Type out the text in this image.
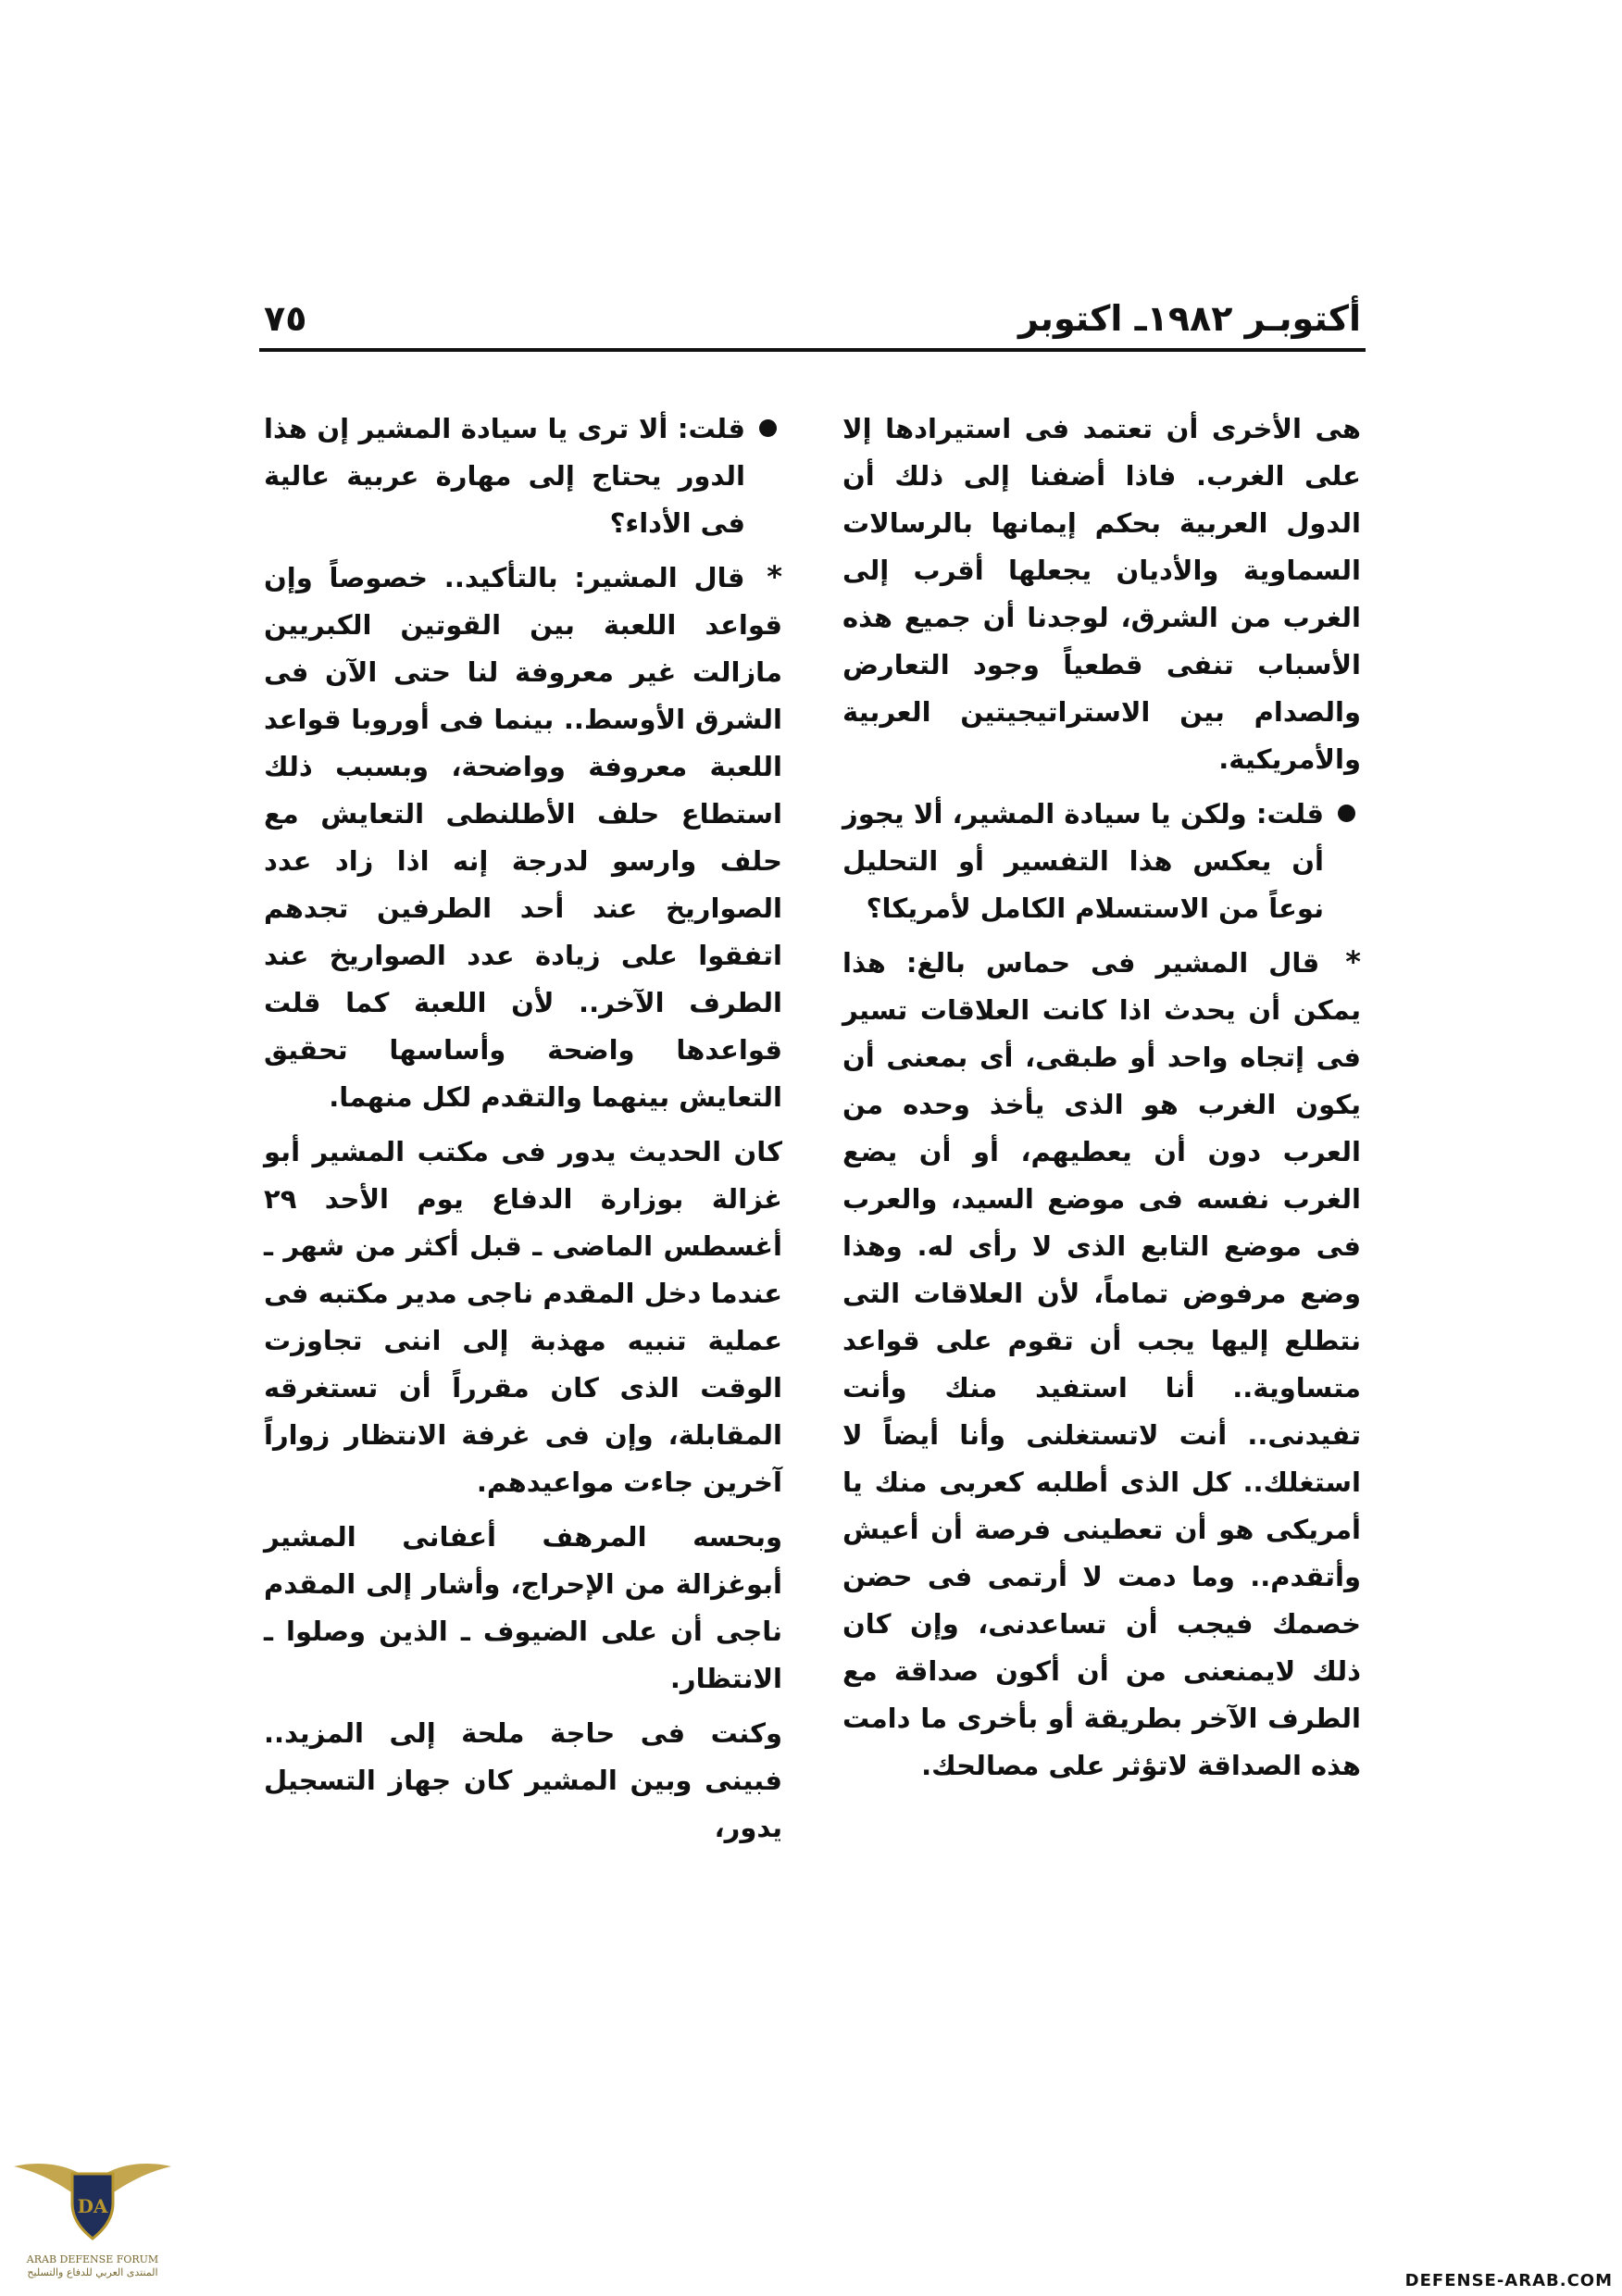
أكتوبـر ١٩٨٢ـ اكتوبر
٧٥

هى الأخرى أن تعتمد فى استيرادها إلا على الغرب. فاذا أضفنا إلى ذلك أن الدول العربية بحكم إيمانها بالرسالات السماوية والأديان يجعلها أقرب إلى الغرب من الشرق، لوجدنا أن جميع هذه الأسباب تنفى قطعياً وجود التعارض والصدام بين الاستراتيجيتين العربية والأمريكية.

قلت: ولكن يا سيادة المشير، ألا يجوز أن يعكس هذا التفسير أو التحليل نوعاً من الاستسلام الكامل لأمريكا؟

* قال المشير فى حماس بالغ: هذا يمكن أن يحدث اذا كانت العلاقات تسير فى إتجاه واحد أو طبقى، أى بمعنى أن يكون الغرب هو الذى يأخذ وحده من العرب دون أن يعطيهم، أو أن يضع الغرب نفسه فى موضع السيد، والعرب فى موضع التابع الذى لا رأى له. وهذا وضع مرفوض تماماً، لأن العلاقات التى نتطلع إليها يجب أن تقوم على قواعد متساوية.. أنا استفيد منك وأنت تفيدنى.. أنت لاتستغلنى وأنا أيضاً لا استغلك.. كل الذى أطلبه كعربى منك يا أمريكى هو أن تعطينى فرصة أن أعيش وأتقدم.. وما دمت لا أرتمى فى حضن خصمك فيجب أن تساعدنى، وإن كان ذلك لايمنعنى من أن أكون صداقة مع الطرف الآخر بطريقة أو بأخرى ما دامت هذه الصداقة لاتؤثر على مصالحك.

قلت: ألا ترى يا سيادة المشير إن هذا الدور يحتاج إلى مهارة عربية عالية فى الأداء؟

* قال المشير: بالتأكيد.. خصوصاً وإن قواعد اللعبة بين القوتين الكبريين مازالت غير معروفة لنا حتى الآن فى الشرق الأوسط.. بينما فى أوروبا قواعد اللعبة معروفة وواضحة، وبسبب ذلك استطاع حلف الأطلنطى التعايش مع حلف وارسو لدرجة إنه اذا زاد عدد الصواريخ عند أحد الطرفين تجدهم اتفقوا على زيادة عدد الصواريخ عند الطرف الآخر.. لأن اللعبة كما قلت قواعدها واضحة وأساسها تحقيق التعايش بينهما والتقدم لكل منهما.

كان الحديث يدور فى مكتب المشير أبو غزالة بوزارة الدفاع يوم الأحد ٢٩ أغسطس الماضى ـ قبل أكثر من شهر ـ عندما دخل المقدم ناجى مدير مكتبه فى عملية تنبيه مهذبة إلى اننى تجاوزت الوقت الذى كان مقرراً أن تستغرقه المقابلة، وإن فى غرفة الانتظار زواراً آخرين جاءت مواعيدهم.

وبحسه المرهف أعفانى المشير أبوغزالة من الإحراج، وأشار إلى المقدم ناجى أن على الضيوف ـ الذين وصلوا ـ الانتظار.

وكنت فى حاجة ملحة إلى المزيد.. فبينى وبين المشير كان جهاز التسجيل يدور،

DA
ARAB DEFENSE FORUM
المنتدى العربي للدفاع والتسليح	DEFENSE-ARAB.COM
